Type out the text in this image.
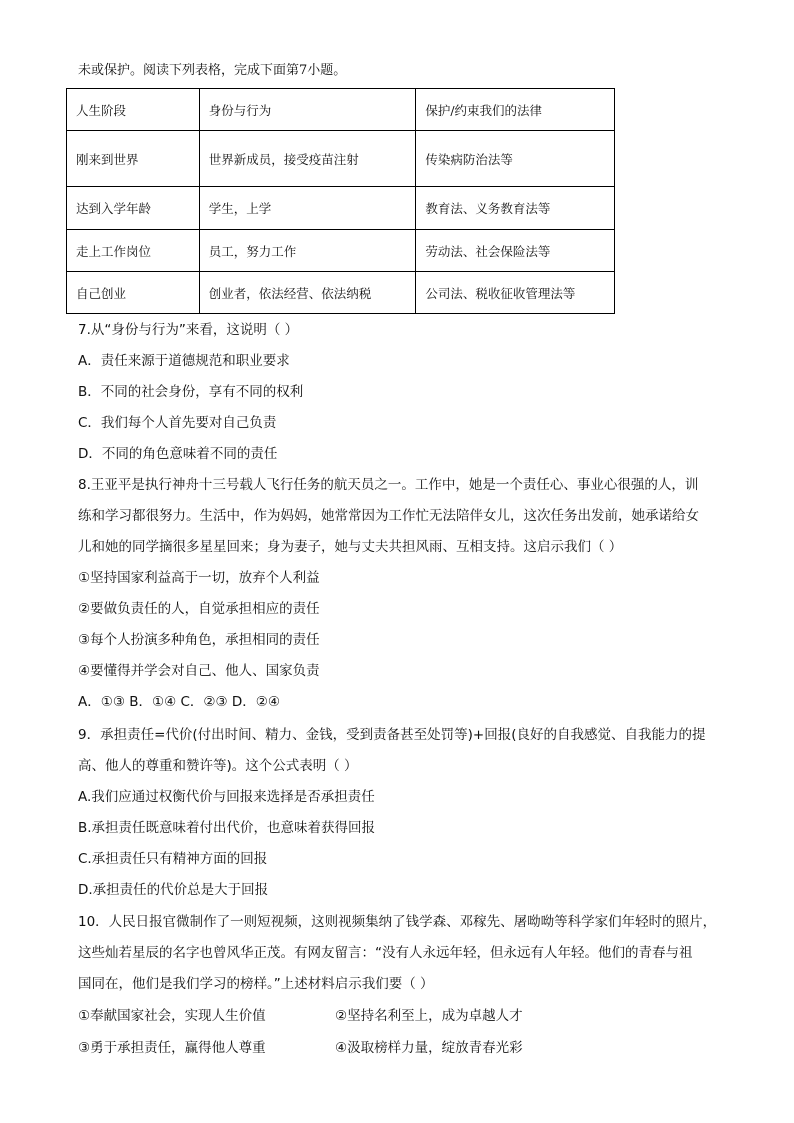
未或保护。阅读下列表格，完成下面第7小题。
人生阶段	身份与行为	保护/约束我们的法律
刚来到世界	世界新成员，接受疫苗注射	传染病防治法等
达到入学年龄	学生，上学	教育法、义务教育法等
走上工作岗位	员工，努力工作	劳动法、社会保险法等
自己创业	创业者，依法经营、依法纳税	公司法、税收征收管理法等
7.从“身份与行为”来看，这说明（ ）
A．责任来源于道德规范和职业要求
B．不同的社会身份，享有不同的权利
C．我们每个人首先要对自己负责
D．不同的角色意味着不同的责任
8.王亚平是执行神舟十三号载人飞行任务的航天员之一。工作中，她是一个责任心、事业心很强的人，训
练和学习都很努力。生活中，作为妈妈，她常常因为工作忙无法陪伴女儿，这次任务出发前，她承诺给女
儿和她的同学摘很多星星回来；身为妻子，她与丈夫共担风雨、互相支持。这启示我们（ ）
①坚持国家利益高于一切，放弃个人利益
②要做负责任的人，自觉承担相应的责任
③每个人扮演多种角色，承担相同的责任
④要懂得并学会对自己、他人、国家负责
A．①③ B．①④ C．②③ D．②④
9．承担责任=代价(付出时间、精力、金钱，受到责备甚至处罚等)+回报(良好的自我感觉、自我能力的提
高、他人的尊重和赞许等)。这个公式表明（ ）
A.我们应通过权衡代价与回报来选择是否承担责任
B.承担责任既意味着付出代价，也意味着获得回报
C.承担责任只有精神方面的回报
D.承担责任的代价总是大于回报
10．人民日报官微制作了一则短视频，这则视频集纳了钱学森、邓稼先、屠呦呦等科学家们年轻时的照片，
这些灿若星辰的名字也曾风华正茂。有网友留言：“没有人永远年轻，但永远有人年轻。他们的青春与祖
国同在，他们是我们学习的榜样。”上述材料启示我们要（ ）
①奉献国家社会，实现人生价值	②坚持名利至上，成为卓越人才
③勇于承担责任，赢得他人尊重	④汲取榜样力量，绽放青春光彩
